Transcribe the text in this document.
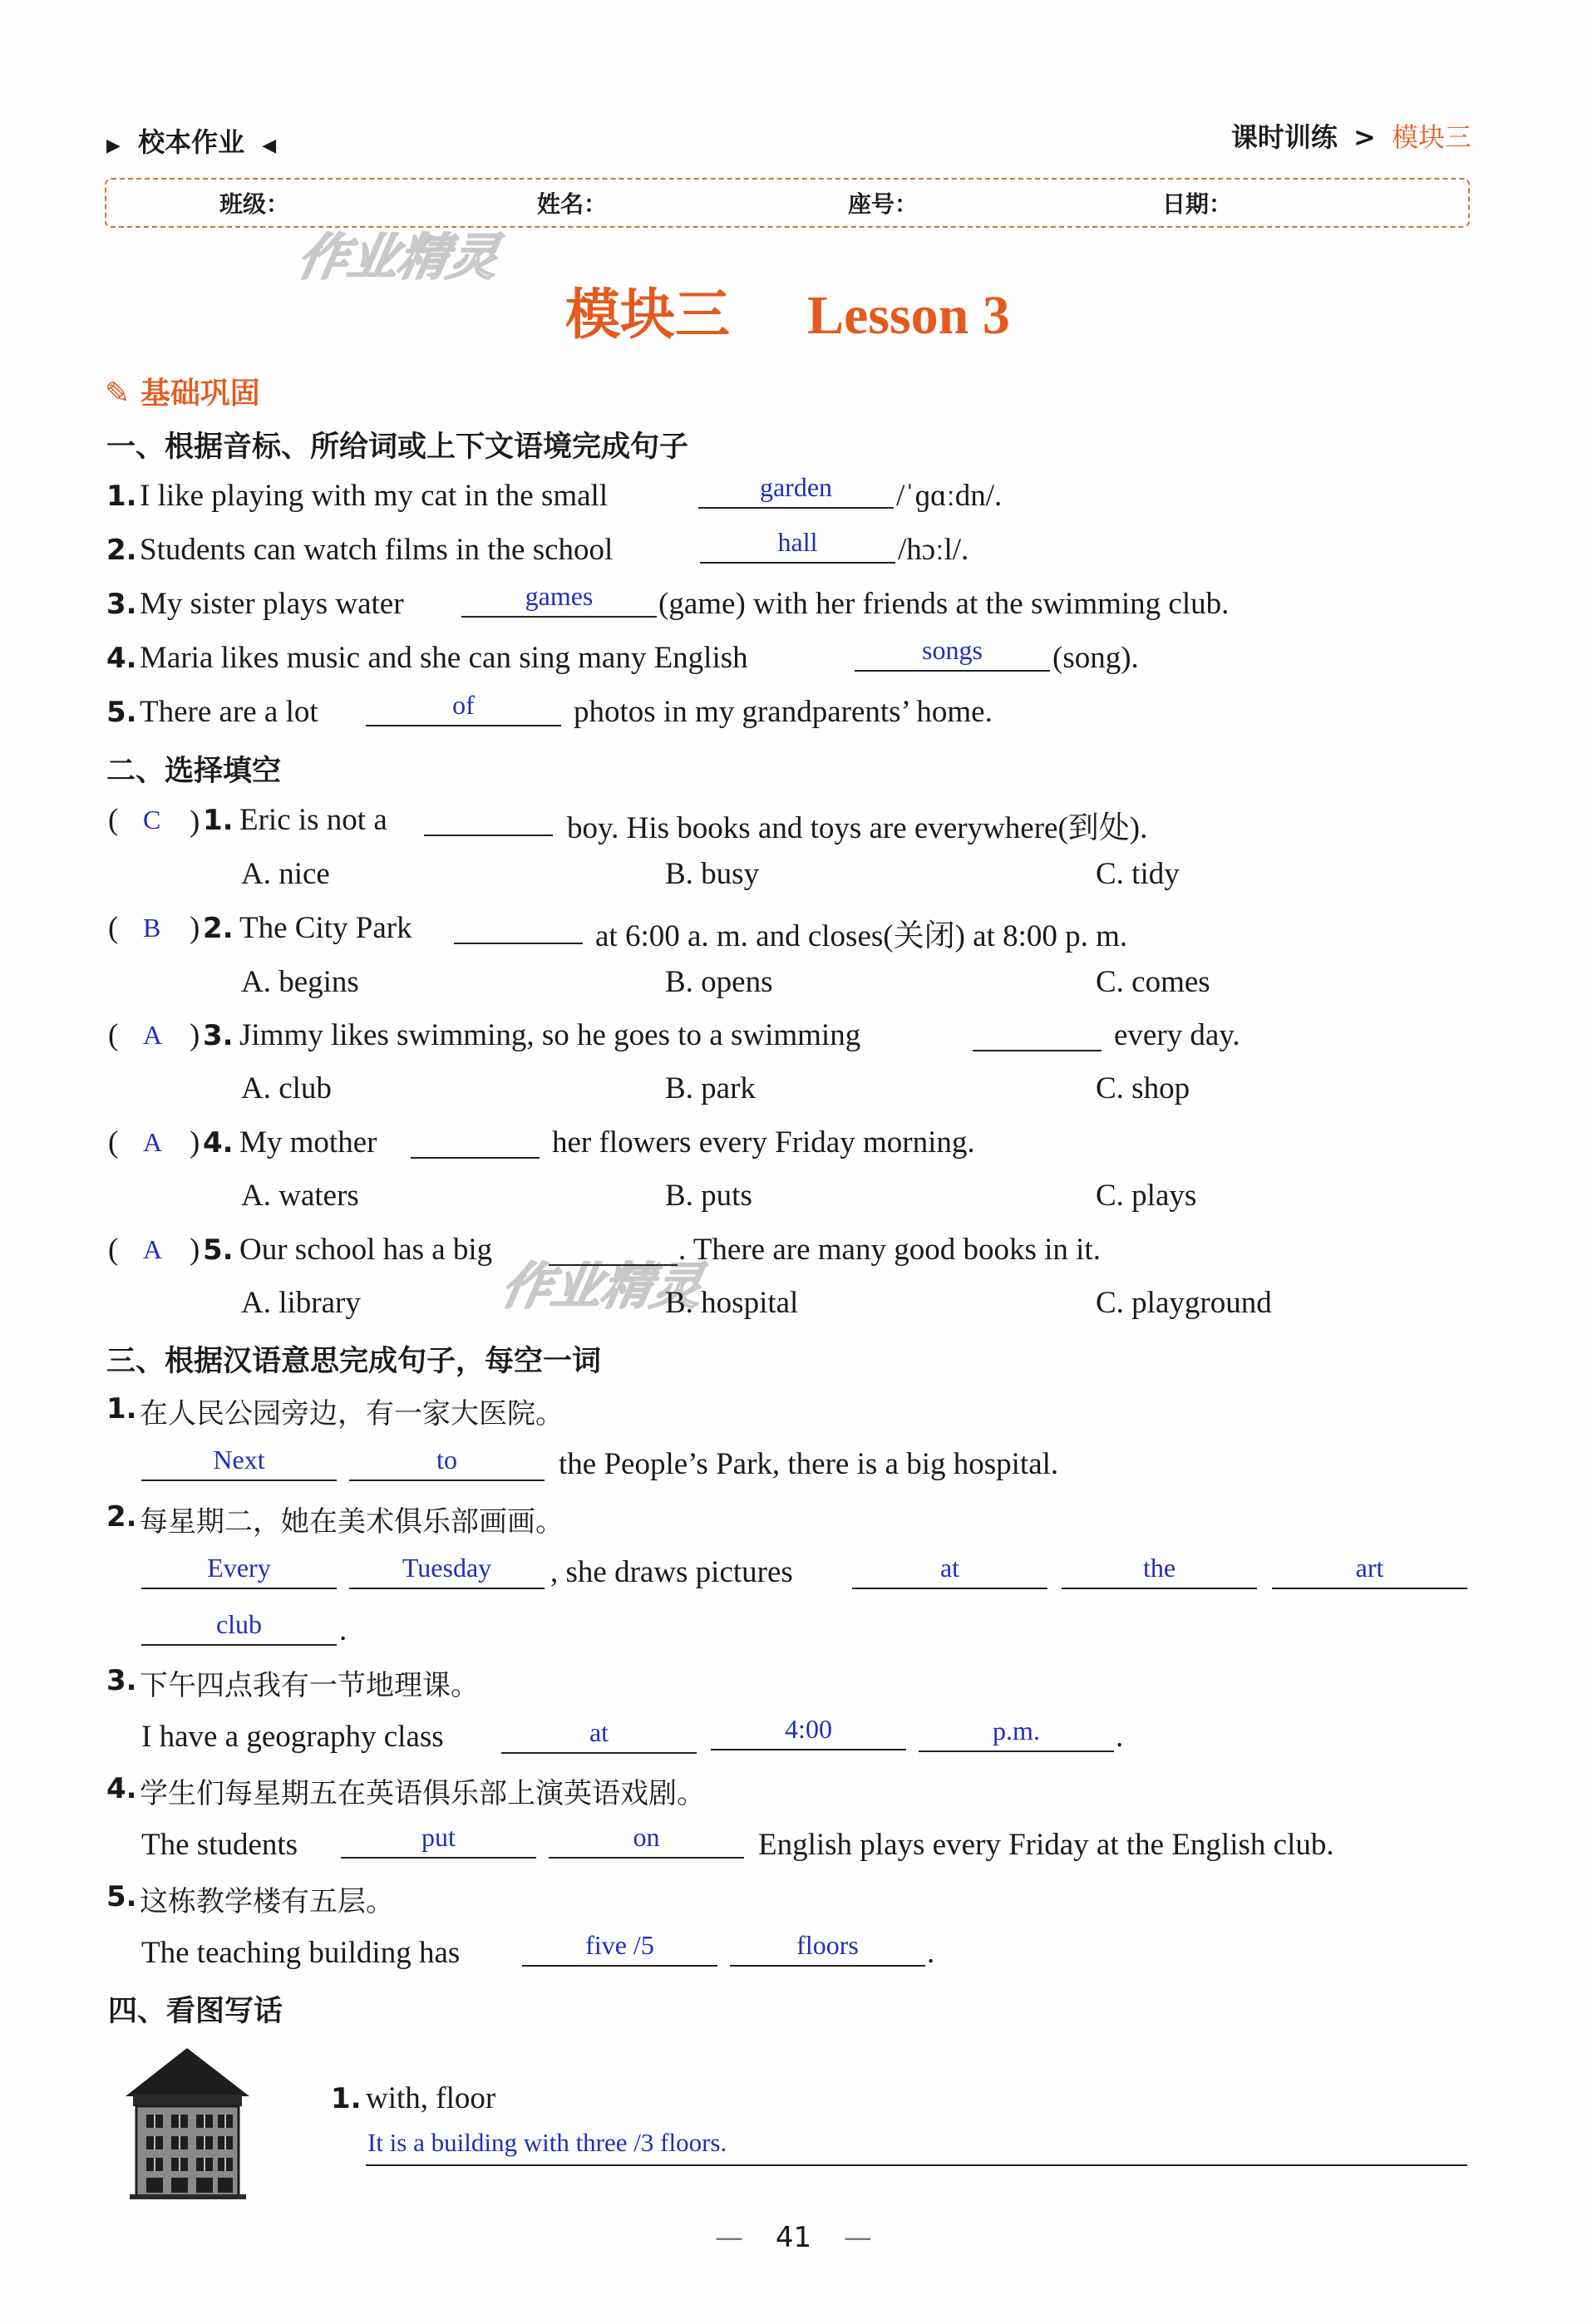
▶ 校本作业 ◀	课时训练 > 模块三
班级：	姓名：	座号：	日期：
作业精灵
作业精灵
模块三 Lesson 3
✎ 基础巩固
一、根据音标、所给词或上下文语境完成句子
1. I like playing with my cat in the small	garden	/ˈɡɑːdn/.
2. Students can watch films in the school	hall	/hɔːl/.
3. My sister plays water	games	(game) with her friends at the swimming club.
4. Maria likes music and she can sing many English	songs	(song).
5. There are a lot	of	photos in my grandparents’ home.
二、选择填空
( C ) 1. Eric is not a	boy. His books and toys are everywhere(到处).
A. nice	B. busy	C. tidy
( B ) 2. The City Park	at 6:00 a. m. and closes(关闭) at 8:00 p. m.
A. begins	B. opens	C. comes
( A ) 3. Jimmy likes swimming, so he goes to a swimming	every day.
A. club	B. park	C. shop
( A ) 4. My mother	her flowers every Friday morning.
A. waters	B. puts	C. plays
( A ) 5. Our school has a big	. There are many good books in it.
A. library	B. hospital	C. playground
三、根据汉语意思完成句子，每空一词
1. 在人民公园旁边，有一家大医院。
Next	to	the People’s Park, there is a big hospital.
2. 每星期二，她在美术俱乐部画画。
Every	Tuesday	, she draws pictures	at	the	art
club	.
3. 下午四点我有一节地理课。
I have a geography class	at	4:00	p.m.	.
4. 学生们每星期五在英语俱乐部上演英语戏剧。
The students	put	on	English plays every Friday at the English club.
5. 这栋教学楼有五层。
The teaching building has	five /5	floors	.
四、看图写话
1. with, floor
It is a building with three /3 floors.
— 41 —
